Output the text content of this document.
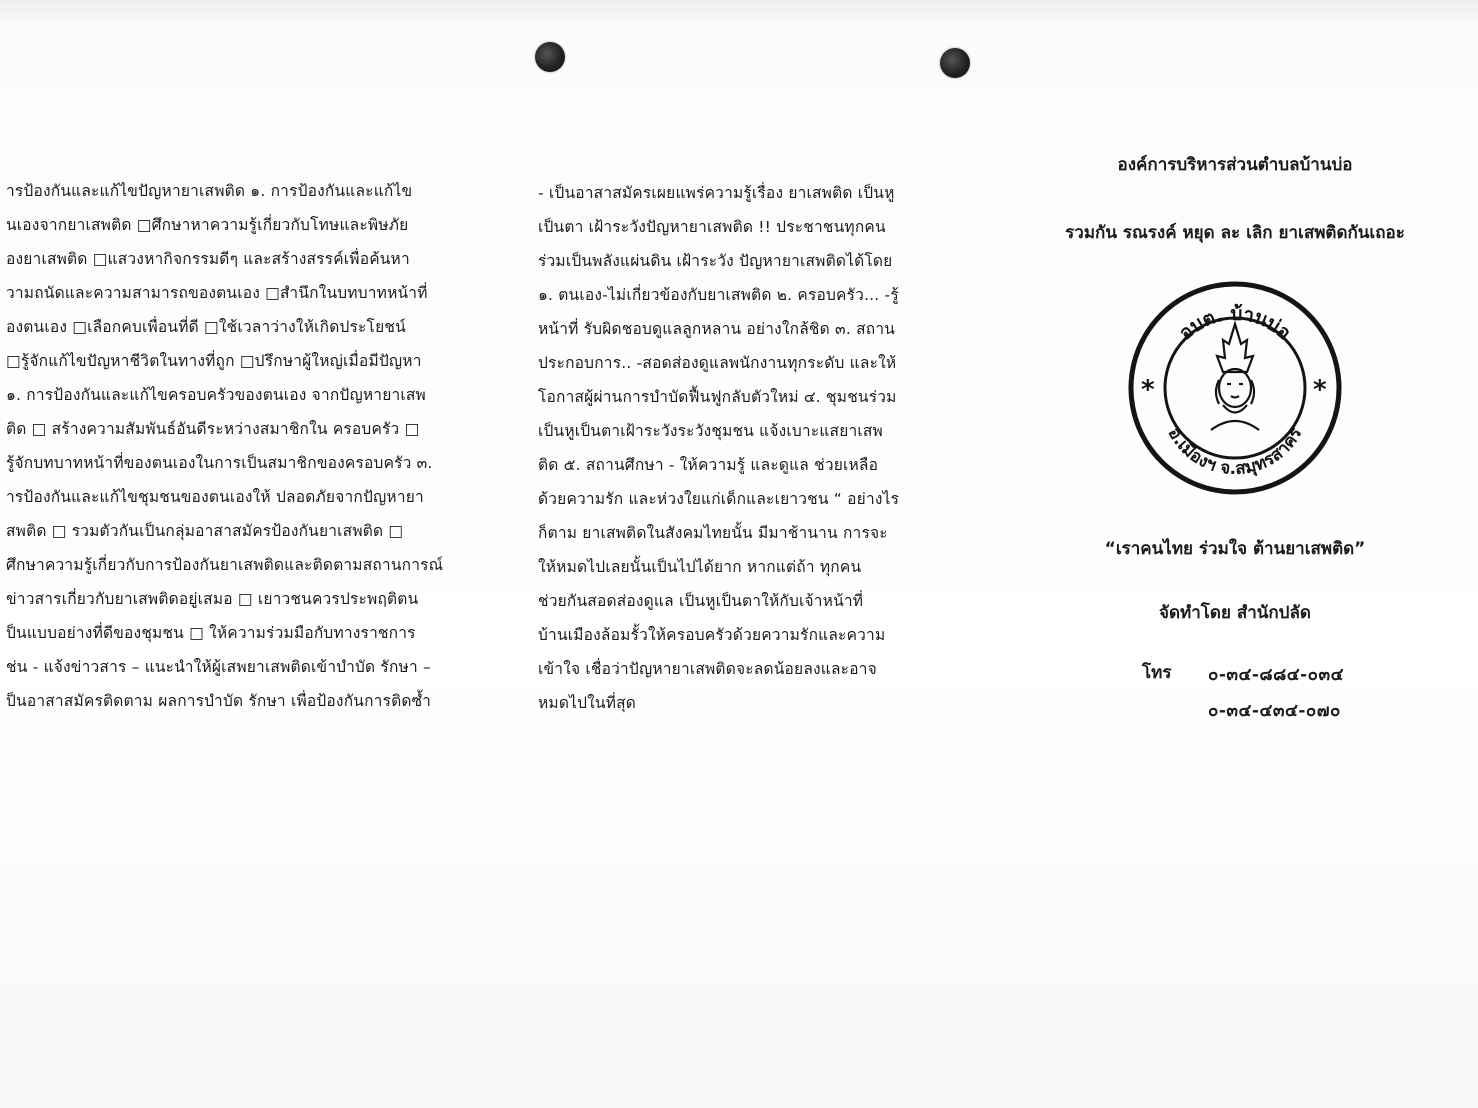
ารป้องกันและแก้ไขปัญหายาเสพติด ๑. การป้องกันและแก้ไข
นเองจากยาเสพติด □ศึกษาหาความรู้เกี่ยวกับโทษและพิษภัย
องยาเสพติด □แสวงหากิจกรรมดีๆ และสร้างสรรค์เพื่อค้นหา
วามถนัดและความสามารถของตนเอง □สำนึกในบทบาทหน้าที่
องตนเอง □เลือกคบเพื่อนที่ดี □ใช้เวลาว่างให้เกิดประโยชน์
□รู้จักแก้ไขปัญหาชีวิตในทางที่ถูก □ปรึกษาผู้ใหญ่เมื่อมีปัญหา
๑. การป้องกันและแก้ไขครอบครัวของตนเอง จากปัญหายาเสพ
ติด □ สร้างความสัมพันธ์อันดีระหว่างสมาชิกใน ครอบครัว □
รู้จักบทบาทหน้าที่ของตนเองในการเป็นสมาชิกของครอบครัว ๓.
ารป้องกันและแก้ไขชุมชนของตนเองให้ ปลอดภัยจากปัญหายา
สพติด □ รวมตัวกันเป็นกลุ่มอาสาสมัครป้องกันยาเสพติด □
ศึกษาความรู้เกี่ยวกับการป้องกันยาเสพติดและติดตามสถานการณ์
ข่าวสารเกี่ยวกับยาเสพติดอยู่เสมอ □ เยาวชนควรประพฤติตน
ป็นแบบอย่างที่ดีของชุมชน □ ให้ความร่วมมือกับทางราชการ
ช่น - แจ้งข่าวสาร – แนะนำให้ผู้เสพยาเสพติดเข้าบำบัด รักษา –
ป็นอาสาสมัครติดตาม ผลการบำบัด รักษา เพื่อป้องกันการติดซ้ำ
- เป็นอาสาสมัครเผยแพร่ความรู้เรื่อง ยาเสพติด เป็นหู
เป็นตา เฝ้าระวังปัญหายาเสพติด !! ประชาชนทุกคน
ร่วมเป็นพลังแผ่นดิน เฝ้าระวัง ปัญหายาเสพติดได้โดย
๑. ตนเอง-ไม่เกี่ยวข้องกับยาเสพติด ๒. ครอบครัว... -รู้
หน้าที่ รับผิดชอบดูแลลูกหลาน อย่างใกล้ชิด ๓. สถาน
ประกอบการ.. -สอดส่องดูแลพนักงานทุกระดับ และให้
โอกาสผู้ผ่านการบำบัดฟื้นฟูกลับตัวใหม่ ๔. ชุมชนร่วม
เป็นหูเป็นตาเฝ้าระวังระวังชุมชน แจ้งเบาะแสยาเสพ
ติด ๕. สถานศึกษา - ให้ความรู้ และดูแล ช่วยเหลือ
ด้วยความรัก และห่วงใยแก่เด็กและเยาวชน “ อย่างไร
ก็ตาม ยาเสพติดในสังคมไทยนั้น มีมาช้านาน การจะ
ให้หมดไปเลยนั้นเป็นไปได้ยาก หากแต่ถ้า ทุกคน
ช่วยกันสอดส่องดูแล เป็นหูเป็นตาให้กับเจ้าหน้าที่
บ้านเมืองล้อมรั้วให้ครอบครัวด้วยความรักและความ
เข้าใจ เชื่อว่าปัญหายาเสพติดจะลดน้อยลงและอาจ
หมดไปในที่สุด
องค์การบริหารส่วนตำบลบ้านบ่อ
รวมกัน รณรงค์ หยุด ละ เลิก ยาเสพติดกันเถอะ
อบต. บ้านบ่อ
อ.เมืองฯ จ.สมุทรสาคร
*	*
“เราคนไทย ร่วมใจ ต้านยาเสพติด”
จัดทำโดย สำนักปลัด
โทร ๐-๓๔-๘๘๔-๐๓๔
๐-๓๔-๔๓๔-๐๗๐
